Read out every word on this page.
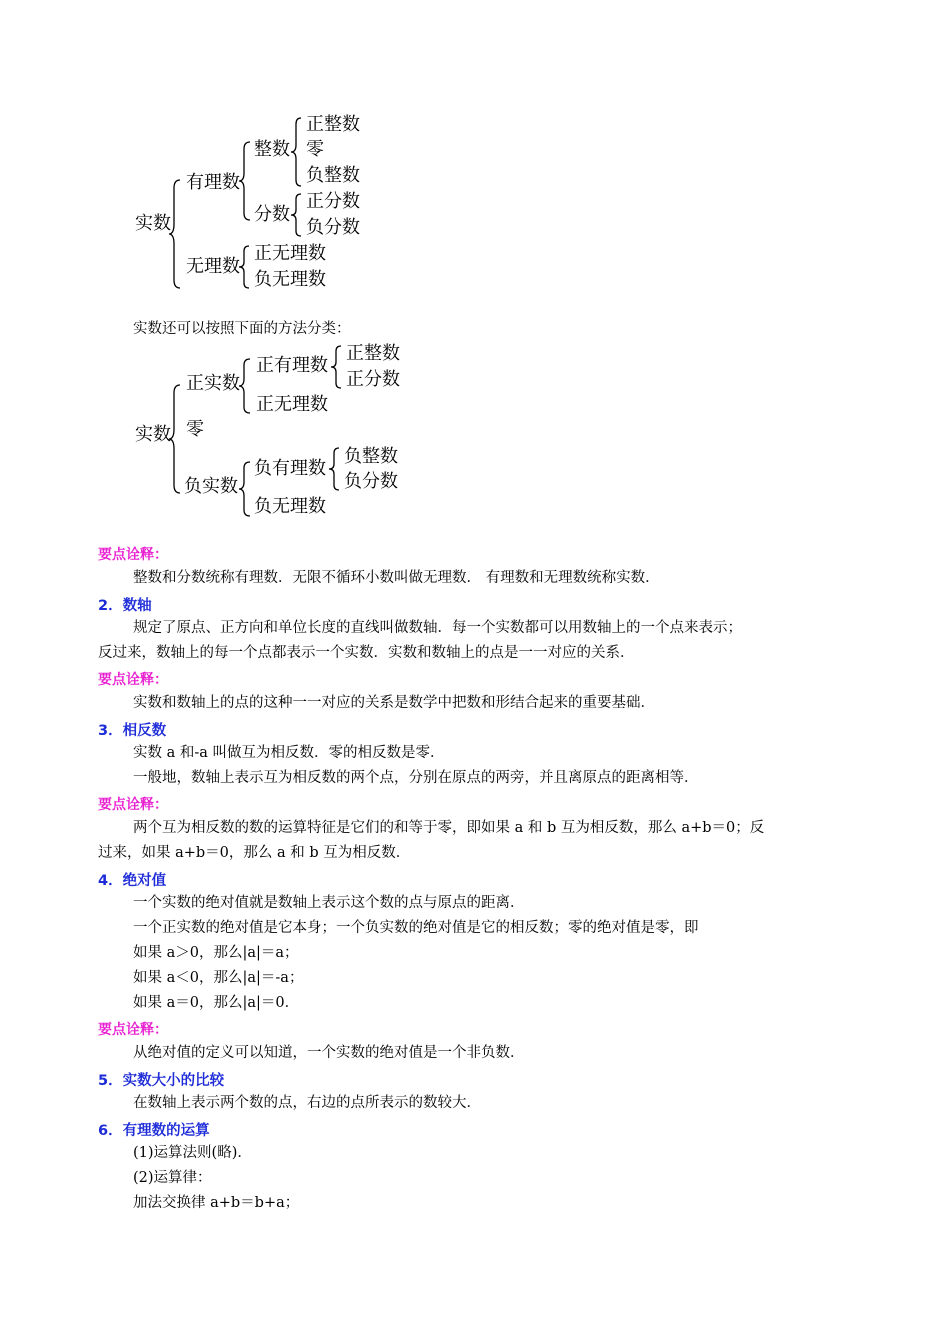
实数
有理数
整数
正整数
零
负整数
分数
正分数
负分数
无理数
正无理数
负无理数
实数还可以按照下面的方法分类：
实数
正实数
正有理数
正整数
正分数
正无理数
零
负实数
负有理数
负整数
负分数
负无理数
要点诠释：
整数和分数统称有理数．无限不循环小数叫做无理数． 有理数和无理数统称实数．
2．数轴
规定了原点、正方向和单位长度的直线叫做数轴．每一个实数都可以用数轴上的一个点来表示；
反过来，数轴上的每一个点都表示一个实数．实数和数轴上的点是一一对应的关系．
要点诠释：
实数和数轴上的点的这种一一对应的关系是数学中把数和形结合起来的重要基础．
3．相反数
实数 a 和-a 叫做互为相反数．零的相反数是零．
一般地，数轴上表示互为相反数的两个点，分别在原点的两旁，并且离原点的距离相等．
要点诠释：
两个互为相反数的数的运算特征是它们的和等于零，即如果 a 和 b 互为相反数，那么 a+b＝0；反
过来，如果 a+b＝0，那么 a 和 b 互为相反数．
4．绝对值
一个实数的绝对值就是数轴上表示这个数的点与原点的距离．
一个正实数的绝对值是它本身；一个负实数的绝对值是它的相反数；零的绝对值是零，即
如果 a＞0，那么|a|＝a；
如果 a＜0，那么|a|＝-a；
如果 a＝0，那么|a|＝0．
要点诠释：
从绝对值的定义可以知道，一个实数的绝对值是一个非负数．
5．实数大小的比较
在数轴上表示两个数的点，右边的点所表示的数较大．
6．有理数的运算
(1)运算法则(略)．
(2)运算律：
加法交换律 a+b＝b+a；
